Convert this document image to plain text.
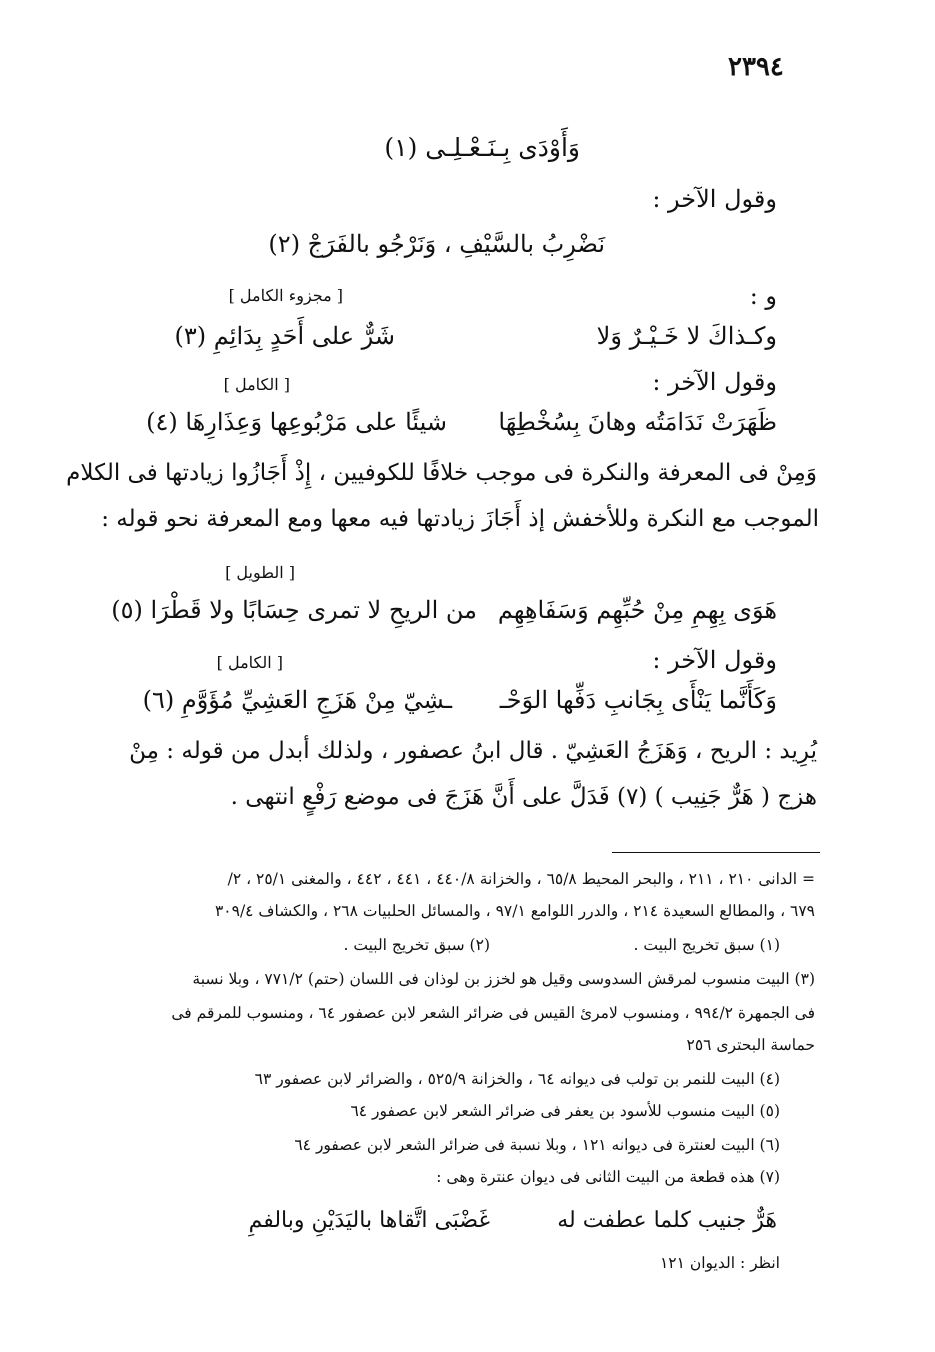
٢٣٩٤
وَأَوْدَى بِـنَـعْـلِـى (١)
وقول الآخر :
نَضْرِبُ بالسَّيْفِ ، وَنَرْجُو بالفَرَجْ (٢)
و :
[ مجزوء الكامل ]
وكـذاكَ لا خَـيْـرٌ وَلا
شَرٌّ على أَحَدٍ بِدَائِمِ (٣)
وقول الآخر :
[ الكامل ]
ظَهَرَتْ نَدَامَتُه وهانَ بِسُخْطِهَا
شيئًا على مَرْبُوعِها وَعِذَارِهَا (٤)
وَمِنْ فى المعرفة والنكرة فى موجب خلافًا للكوفيين ، إِذْ أَجَازُوا زيادتها فى الكلام
الموجب مع النكرة وللأخفش إذ أَجَازَ زيادتها فيه معها ومع المعرفة نحو قوله :
[ الطويل ]
هَوَى بِهِمِ مِنْ حُبِّهِم وَسَفَاهِهِم
من الريحِ لا تمرى حِسَابًا ولا قَطْرَا (٥)
وقول الآخر :
[ الكامل ]
وَكَأَنَّما يَنْأَى بِجَانبِ دَفِّها الوَحْـ
ـشِيّ مِنْ هَزَجِ العَشِيِّ مُؤَوَّمِ (٦)
يُرِيد : الريح ، وَهَزَجُ العَشِيّ . قال ابنُ عصفور ، ولذلك أبدل من قوله : مِنْ
هزج ( هَرٌّ جَنِيب ) (٧) فَدَلَّ على أَنَّ هَزَجَ فى موضع رَفْعٍ انتهى .
= الدانى ٢١٠ ، ٢١١ ، والبحر المحيط ٦٥/٨ ، والخزانة ٤٤٠/٨ ، ٤٤١ ، ٤٤٢ ، والمغنى ٢٥/١ ، ٢/
٦٧٩ ، والمطالع السعيدة ٢١٤ ، والدرر اللوامع ٩٧/١ ، والمسائل الحلبيات ٢٦٨ ، والكشاف ٣٠٩/٤
(١) سبق تخريج البيت .
(٢) سبق تخريج البيت .
(٣) البيت منسوب لمرقش السدوسى وقيل هو لخزز بن لوذان فى اللسان (حتم) ٧٧١/٢ ، وبلا نسبة
فى الجمهرة ٩٩٤/٢ ، ومنسوب لامرئ القيس فى ضرائر الشعر لابن عصفور ٦٤ ، ومنسوب للمرقم فى
حماسة البحترى ٢٥٦
(٤) البيت للنمر بن تولب فى ديوانه ٦٤ ، والخزانة ٥٢٥/٩ ، والضرائر لابن عصفور ٦٣
(٥) البيت منسوب للأسود بن يعفر فى ضرائر الشعر لابن عصفور ٦٤
(٦) البيت لعنترة فى ديوانه ١٢١ ، وبلا نسبة فى ضرائر الشعر لابن عصفور ٦٤
(٧) هذه قطعة من البيت الثانى فى ديوان عنترة وهى :
هَرٌّ جنيب كلما عطفت له
غَضْبَى اتَّقاها باليَدَيْنِ وبالفمِ
انظر : الديوان ١٢١
